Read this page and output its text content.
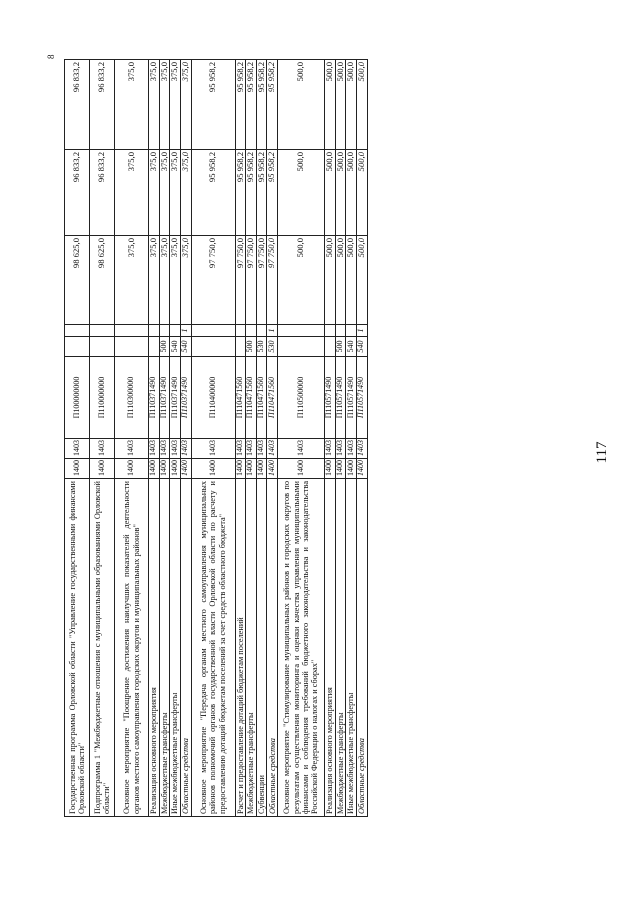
117
8
Государственная программа Орловской области "Управление государственными финансами Орловской области"	1400	1403	П100000000			98 625,0	96 833,2	96 833,2
Подпрограмма 1 "Межбюджетные отношения с муниципальными образованиями Орловской области"	1400	1403	П110000000			98 625,0	96 833,2	96 833,2
Основное мероприятие "Поощрение достижения наилучших показателей деятельности органов местного самоуправления городских округов и муниципальных районов"	1400	1403	П110300000			375,0	375,0	375,0
Реализация основного мероприятия	1400	1403	П110371490			375,0	375,0	375,0
Межбюджетные трансферты	1400	1403	П110371490	500		375,0	375,0	375,0
Иные межбюджетные трансферты	1400	1403	П110371490	540		375,0	375,0	375,0
Областные средства	1400	1403	П110371490	540	1	375,0	375,0	375,0
Основное мероприятие "Передача органам местного самоуправления муниципальных районов полномочий органов государственной власти Орловской области по расчету и предоставлению дотаций бюджетам поселений за счет средств областного бюджета"	1400	1403	П110400000			97 750,0	95 958,2	95 958,2
Расчет и предоставление дотаций бюджетам поселений	1400	1403	П110471560			97 750,0	95 958,2	95 958,2
Межбюджетные трансферты	1400	1403	П110471560	500		97 750,0	95 958,2	95 958,2
Субвенции	1400	1403	П110471560	530		97 750,0	95 958,2	95 958,2
Областные средства	1400	1403	П110471560	530	1	97 750,0	95 958,2	95 958,2
Основное мероприятие "Стимулирование муниципальных районов и городских округов по результатам осуществления мониторинга и оценки качества управления муниципальными финансами и соблюдения требований бюджетного законодательства и законодательства Российской Федерации о налогах и сборах"	1400	1403	П110500000			500,0	500,0	500,0
Реализация основного мероприятия	1400	1403	П110571490			500,0	500,0	500,0
Межбюджетные трансферты	1400	1403	П110571490	500		500,0	500,0	500,0
Иные межбюджетные трансферты	1400	1403	П110571490	540		500,0	500,0	500,0
Областные средства	1400	1403	П110571490	540	1	500,0	500,0	500,0
